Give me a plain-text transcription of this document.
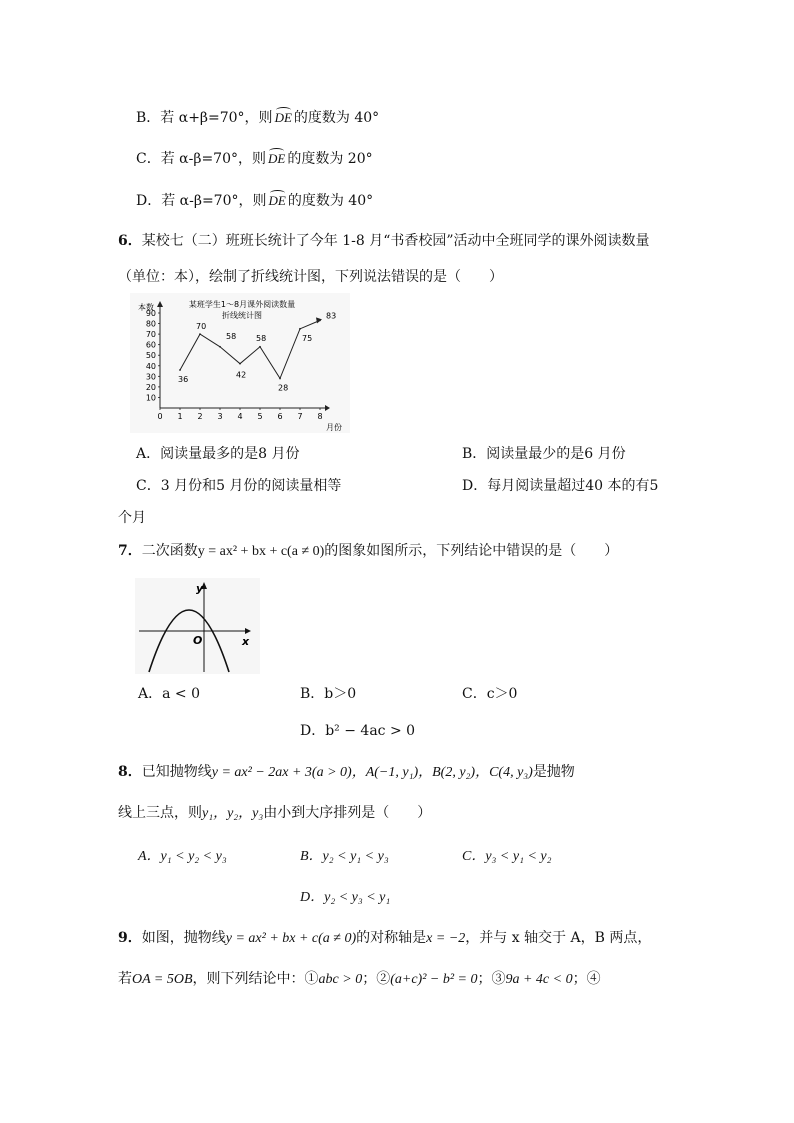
B．若 α+β=70°，则 DE 的度数为 40°
C．若 α-β=70°，则 DE 的度数为 20°
D．若 α-β=70°，则 DE 的度数为 40°
6．某校七（二）班班长统计了今年 1-8 月“书香校园”活动中全班同学的课外阅读数量
（单位：本），绘制了折线统计图，下列说法错误的是（　　）
某班学生1～8月课外阅读数量
折线统计图
本数
月份
10
20
30
40
50
60
70
80
90
0 1 2 3 4 5 6 7 8
36
70
58
42
58
28
75
83
A．阅读量最多的是8 月份	B．阅读量最少的是6 月份
C．3 月份和5 月份的阅读量相等	D．每月阅读量超过40 本的有5
个月
7．二次函数y = ax² + bx + c(a ≠ 0)的图象如图所示，下列结论中错误的是（　　）
y
x
O
A．a < 0	B．b＞0	C．c＞0
D．b² − 4ac > 0
8．已知抛物线y = ax² − 2ax + 3(a > 0)，A(−1, y₁)，B(2, y₂)，C(4, y₃)是抛物
线上三点，则y₁，y₂，y₃由小到大序排列是（　　）
A．y₁ < y₂ < y₃	B．y₂ < y₁ < y₃	C．y₃ < y₁ < y₂
D．y₂ < y₃ < y₁
9．如图，抛物线y = ax² + bx + c(a ≠ 0)的对称轴是x = −2，并与 x 轴交于 A，B 两点，
若OA = 5OB，则下列结论中：①abc > 0；②(a+c)² − b² = 0；③9a + 4c < 0；④
